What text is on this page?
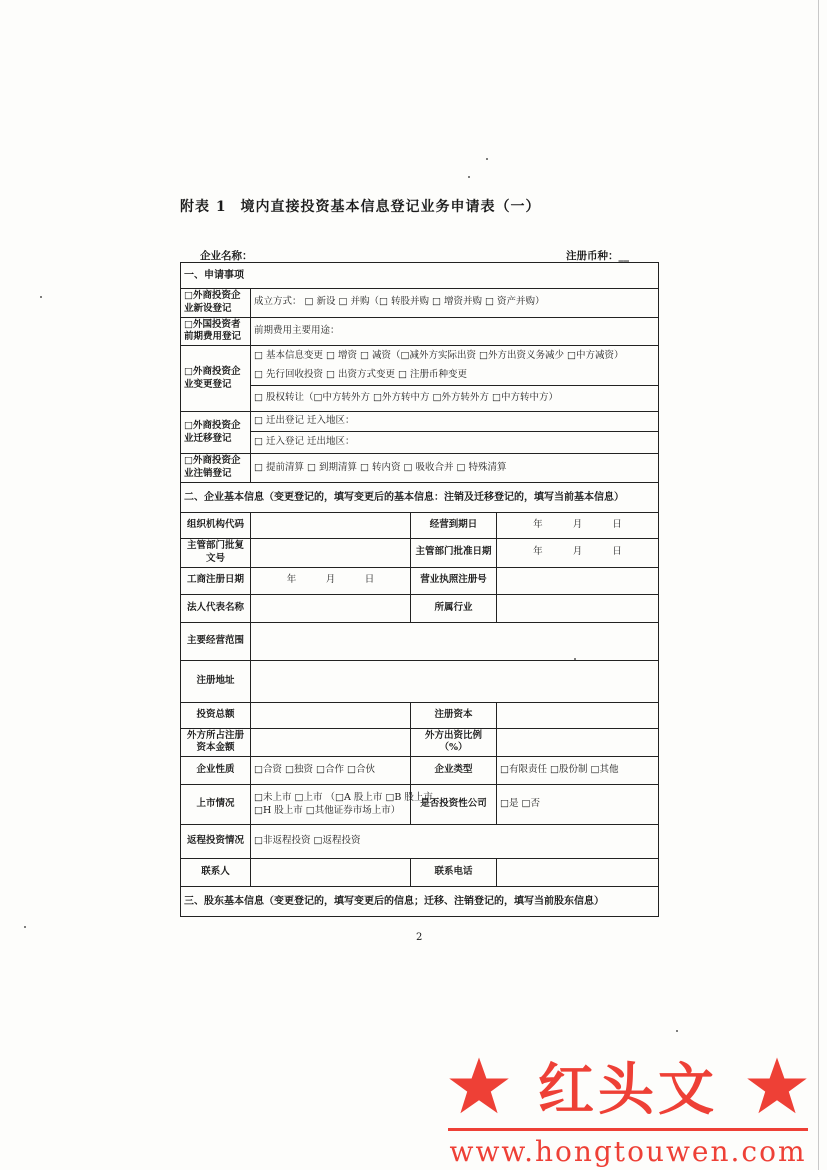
附表 1 境内直接投资基本信息登记业务申请表（一）
企业名称：	注册币种：__
一、申请事项			
□外商投资企业新设登记	成立方式： □ 新设 □ 并购（□ 转股并购 □ 增资并购 □ 资产并购）		

□外国投资者前期费用登记	前期费用主要用途：		

□外商投资企业变更登记	□ 基本信息变更 □ 增资 □ 减资（□减外方实际出资 □外方出资义务减少 □中方减资）		

□ 先行回收投资 □ 出资方式变更 □ 注册币种变更		

□ 股权转让（□中方转外方 □外方转中方 □外方转外方 □中方转中方）		

□外商投资企业迁移登记	□ 迁出登记 迁入地区：		

□ 迁入登记 迁出地区：		

□外商投资企业注销登记	□ 提前清算 □ 到期清算 □ 转内资 □ 吸收合并 □ 特殊清算		

二、企业基本信息（变更登记的，填写变更后的基本信息：注销及迁移登记的，填写当前基本信息）			
组织机构代码		经营到期日	年 月 日

主管部门批复文号		主管部门批准日期	年 月 日

工商注册日期	年 月 日	营业执照注册号	
法人代表名称		所属行业	
主要经营范围			
注册地址			
投资总额		注册资本	
外方所占注册资本金额		外方出资比例（%）	
企业性质	□合资 □独资 □合作 □合伙	企业类型	□有限责任 □股份制 □其他

上市情况	□未上市 □上市 （□A 股上市 □B 股上市
□H 股上市 □其他证券市场上市）	是否投资性公司	□是 □否

返程投资情况	□非返程投资 □返程投资		

联系人		联系电话	
三、股东基本信息（变更登记的，填写变更后的信息；迁移、注销登记的，填写当前股东信息）			
2
红头文
www.hongtouwen.com
